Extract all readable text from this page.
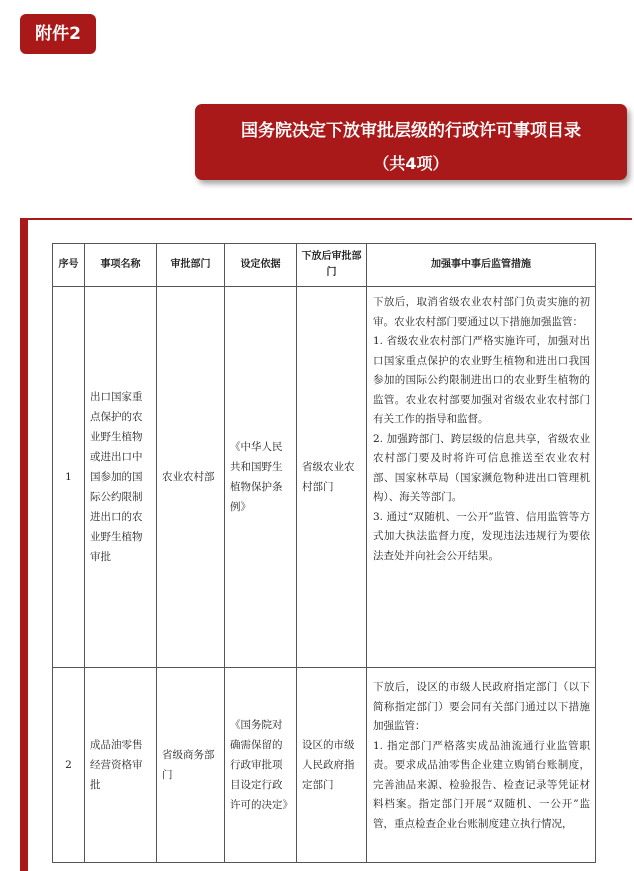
附件2
国务院决定下放审批层级的行政许可事项目录
（共4项）
序号	事项名称	审批部门	设定依据	下放后审批部门	加强事中事后监管措施
1	出口国家重点保护的农业野生植物或进出口中国参加的国际公约限制进出口的农业野生植物审批	农业农村部	《中华人民共和国野生植物保护条例》	省级农业农村部门	下放后，取消省级农业农村部门负责实施的初审。农业农村部门要通过以下措施加强监管：
1. 省级农业农村部门严格实施许可，加强对出口国家重点保护的农业野生植物和进出口我国参加的国际公约限制进出口的农业野生植物的监管。农业农村部要加强对省级农业农村部门有关工作的指导和监督。
2. 加强跨部门、跨层级的信息共享，省级农业农村部门要及时将许可信息推送至农业农村部、国家林草局（国家濒危物种进出口管理机构）、海关等部门。
3. 通过“双随机、一公开”监管、信用监管等方式加大执法监督力度，发现违法违规行为要依法查处并向社会公开结果。

2	成品油零售经营资格审批	省级商务部门	《国务院对确需保留的行政审批项目设定行政许可的决定》	设区的市级人民政府指定部门	下放后，设区的市级人民政府指定部门（以下简称指定部门）要会同有关部门通过以下措施加强监管：
1. 指定部门严格落实成品油流通行业监管职责。要求成品油零售企业建立购销台账制度，完善油品来源、检验报告、检查记录等凭证材料档案。指定部门开展“双随机、一公开”监管，重点检查企业台账制度建立执行情况，
